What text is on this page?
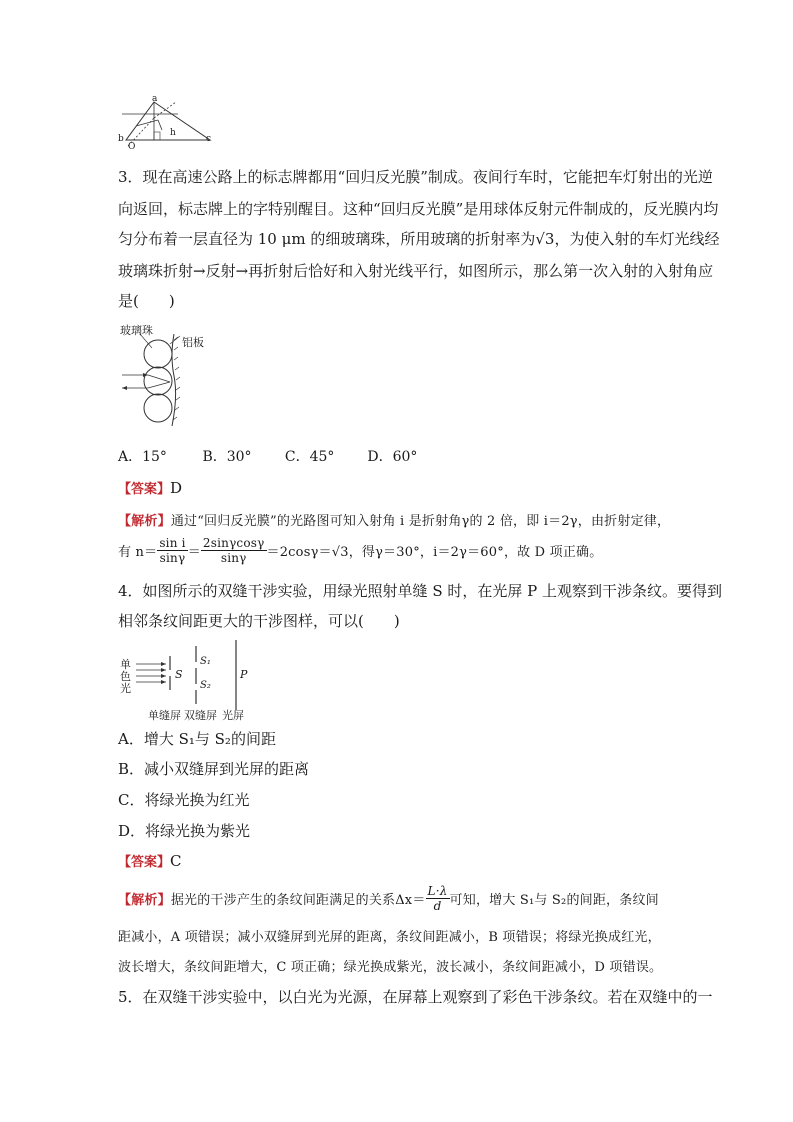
a
b	c
O
h
3．现在高速公路上的标志牌都用“回归反光膜”制成。夜间行车时，它能把车灯射出的光逆
向返回，标志牌上的字特别醒目。这种“回归反光膜”是用球体反射元件制成的，反光膜内均
匀分布着一层直径为 10 μm 的细玻璃珠，所用玻璃的折射率为√3，为使入射的车灯光线经
玻璃珠折射→反射→再折射后恰好和入射光线平行，如图所示，那么第一次入射的入射角应
是(　　)
玻璃珠
铝板
A．15°	B．30° C．45° D．60°
【答案】D
【解析】通过“回归反光膜”的光路图可知入射角 i 是折射角γ的 2 倍，即 i＝2γ，由折射定律，
有 $n= \frac{\text{sin i}}{\sin\gamma} = \frac{2\sin\gamma\cos\gamma}{\sin\gamma} =2\cos\gamma=√3$，得γ＝30°，i＝2γ＝60°，故 D 项正确。
4．如图所示的双缝干涉实验，用绿光照射单缝 S 时，在光屏 P 上观察到干涉条纹。要得到
相邻条纹间距更大的干涉图样，可以(　　)
单
色
光
S
S₁
S₂
P
单缝屏 双缝屏 光屏
A．增大 S₁与 S₂的间距
B．减小双缝屏到光屏的距离
C．将绿光换为红光
D．将绿光换为紫光
【答案】C
【解析】据光的干涉产生的条纹间距满足的关系$\Delta x= \frac{L\cdot\lambda}{d}$ 可知，增大 S₁与 S₂的间距，条纹间
距减小，A 项错误；减小双缝屏到光屏的距离，条纹间距减小，B 项错误；将绿光换成红光，
波长增大，条纹间距增大，C 项正确；绿光换成紫光，波长减小，条纹间距减小，D 项错误。
5．在双缝干涉实验中，以白光为光源，在屏幕上观察到了彩色干涉条纹。若在双缝中的一
